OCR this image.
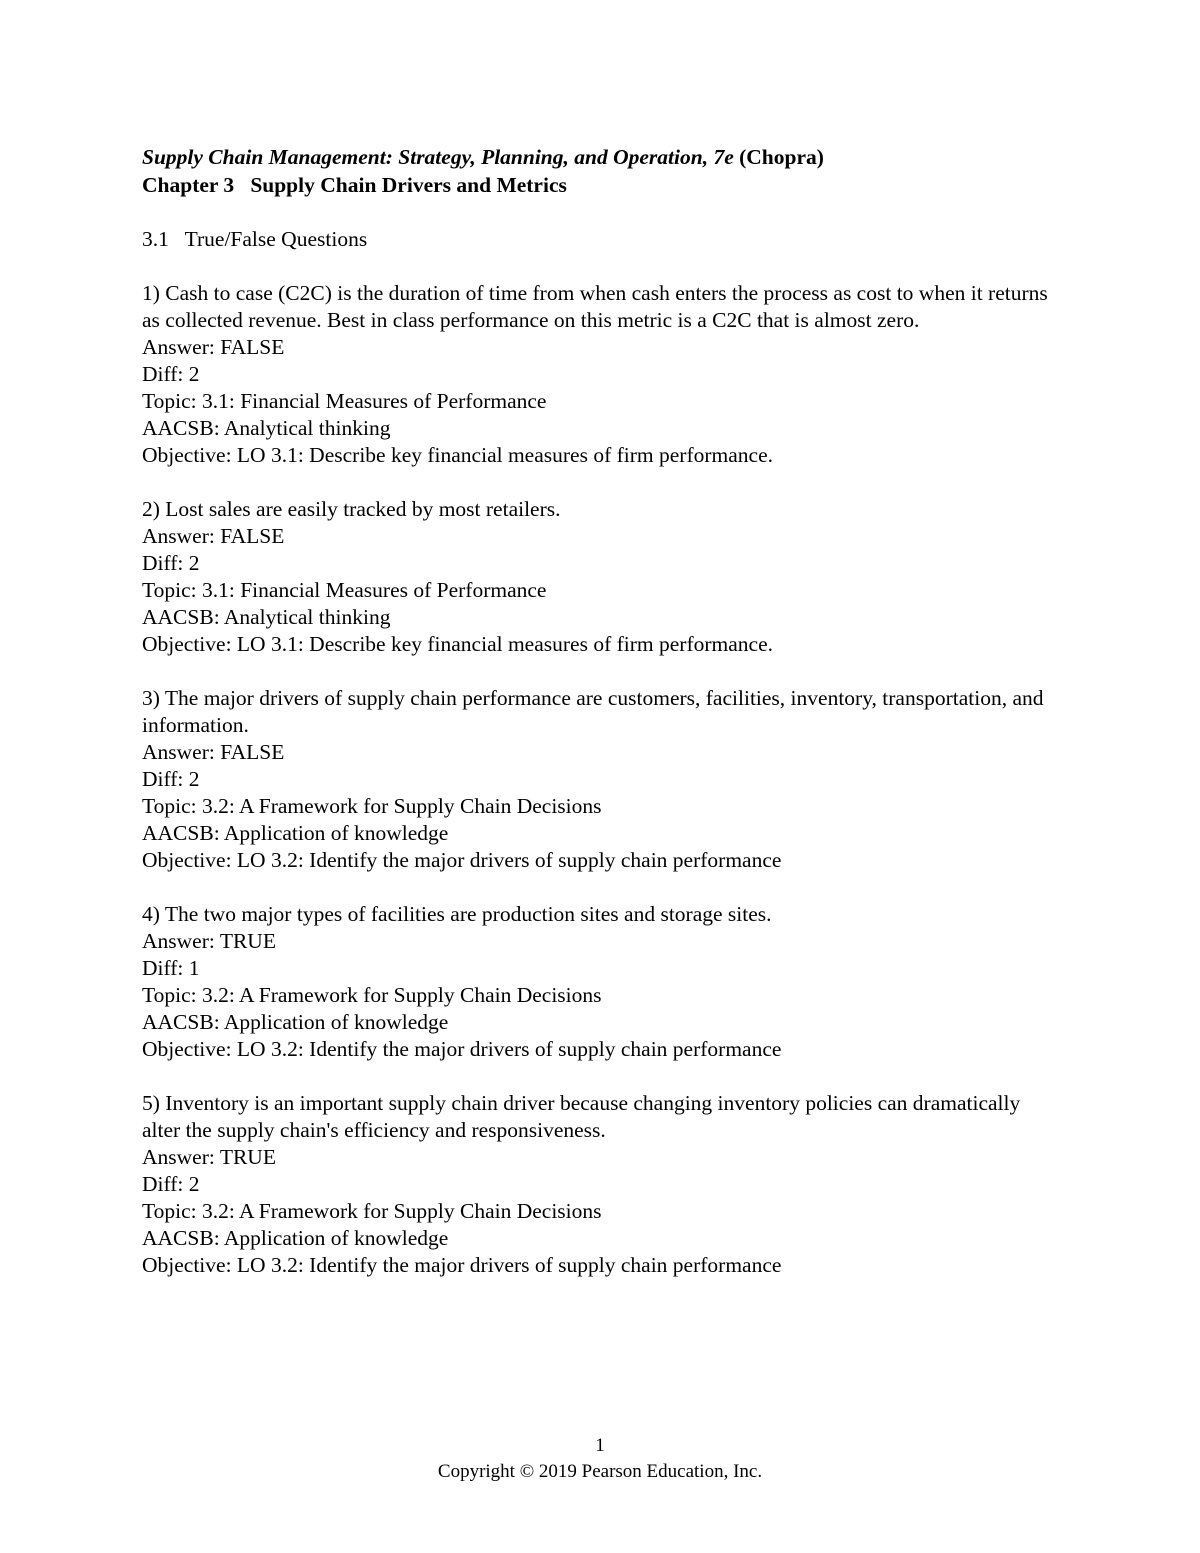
Supply Chain Management: Strategy, Planning, and Operation, 7e (Chopra)
Chapter 3 Supply Chain Drivers and Metrics
3.1 True/False Questions
1) Cash to case (C2C) is the duration of time from when cash enters the process as cost to when it returns as collected revenue. Best in class performance on this metric is a C2C that is almost zero.
Answer: FALSE
Diff: 2
Topic: 3.1: Financial Measures of Performance
AACSB: Analytical thinking
Objective: LO 3.1: Describe key financial measures of firm performance.
2) Lost sales are easily tracked by most retailers.
Answer: FALSE
Diff: 2
Topic: 3.1: Financial Measures of Performance
AACSB: Analytical thinking
Objective: LO 3.1: Describe key financial measures of firm performance.
3) The major drivers of supply chain performance are customers, facilities, inventory, transportation, and information.
Answer: FALSE
Diff: 2
Topic: 3.2: A Framework for Supply Chain Decisions
AACSB: Application of knowledge
Objective: LO 3.2: Identify the major drivers of supply chain performance
4) The two major types of facilities are production sites and storage sites.
Answer: TRUE
Diff: 1
Topic: 3.2: A Framework for Supply Chain Decisions
AACSB: Application of knowledge
Objective: LO 3.2: Identify the major drivers of supply chain performance
5) Inventory is an important supply chain driver because changing inventory policies can dramatically alter the supply chain's efficiency and responsiveness.
Answer: TRUE
Diff: 2
Topic: 3.2: A Framework for Supply Chain Decisions
AACSB: Application of knowledge
Objective: LO 3.2: Identify the major drivers of supply chain performance
1
Copyright © 2019 Pearson Education, Inc.
